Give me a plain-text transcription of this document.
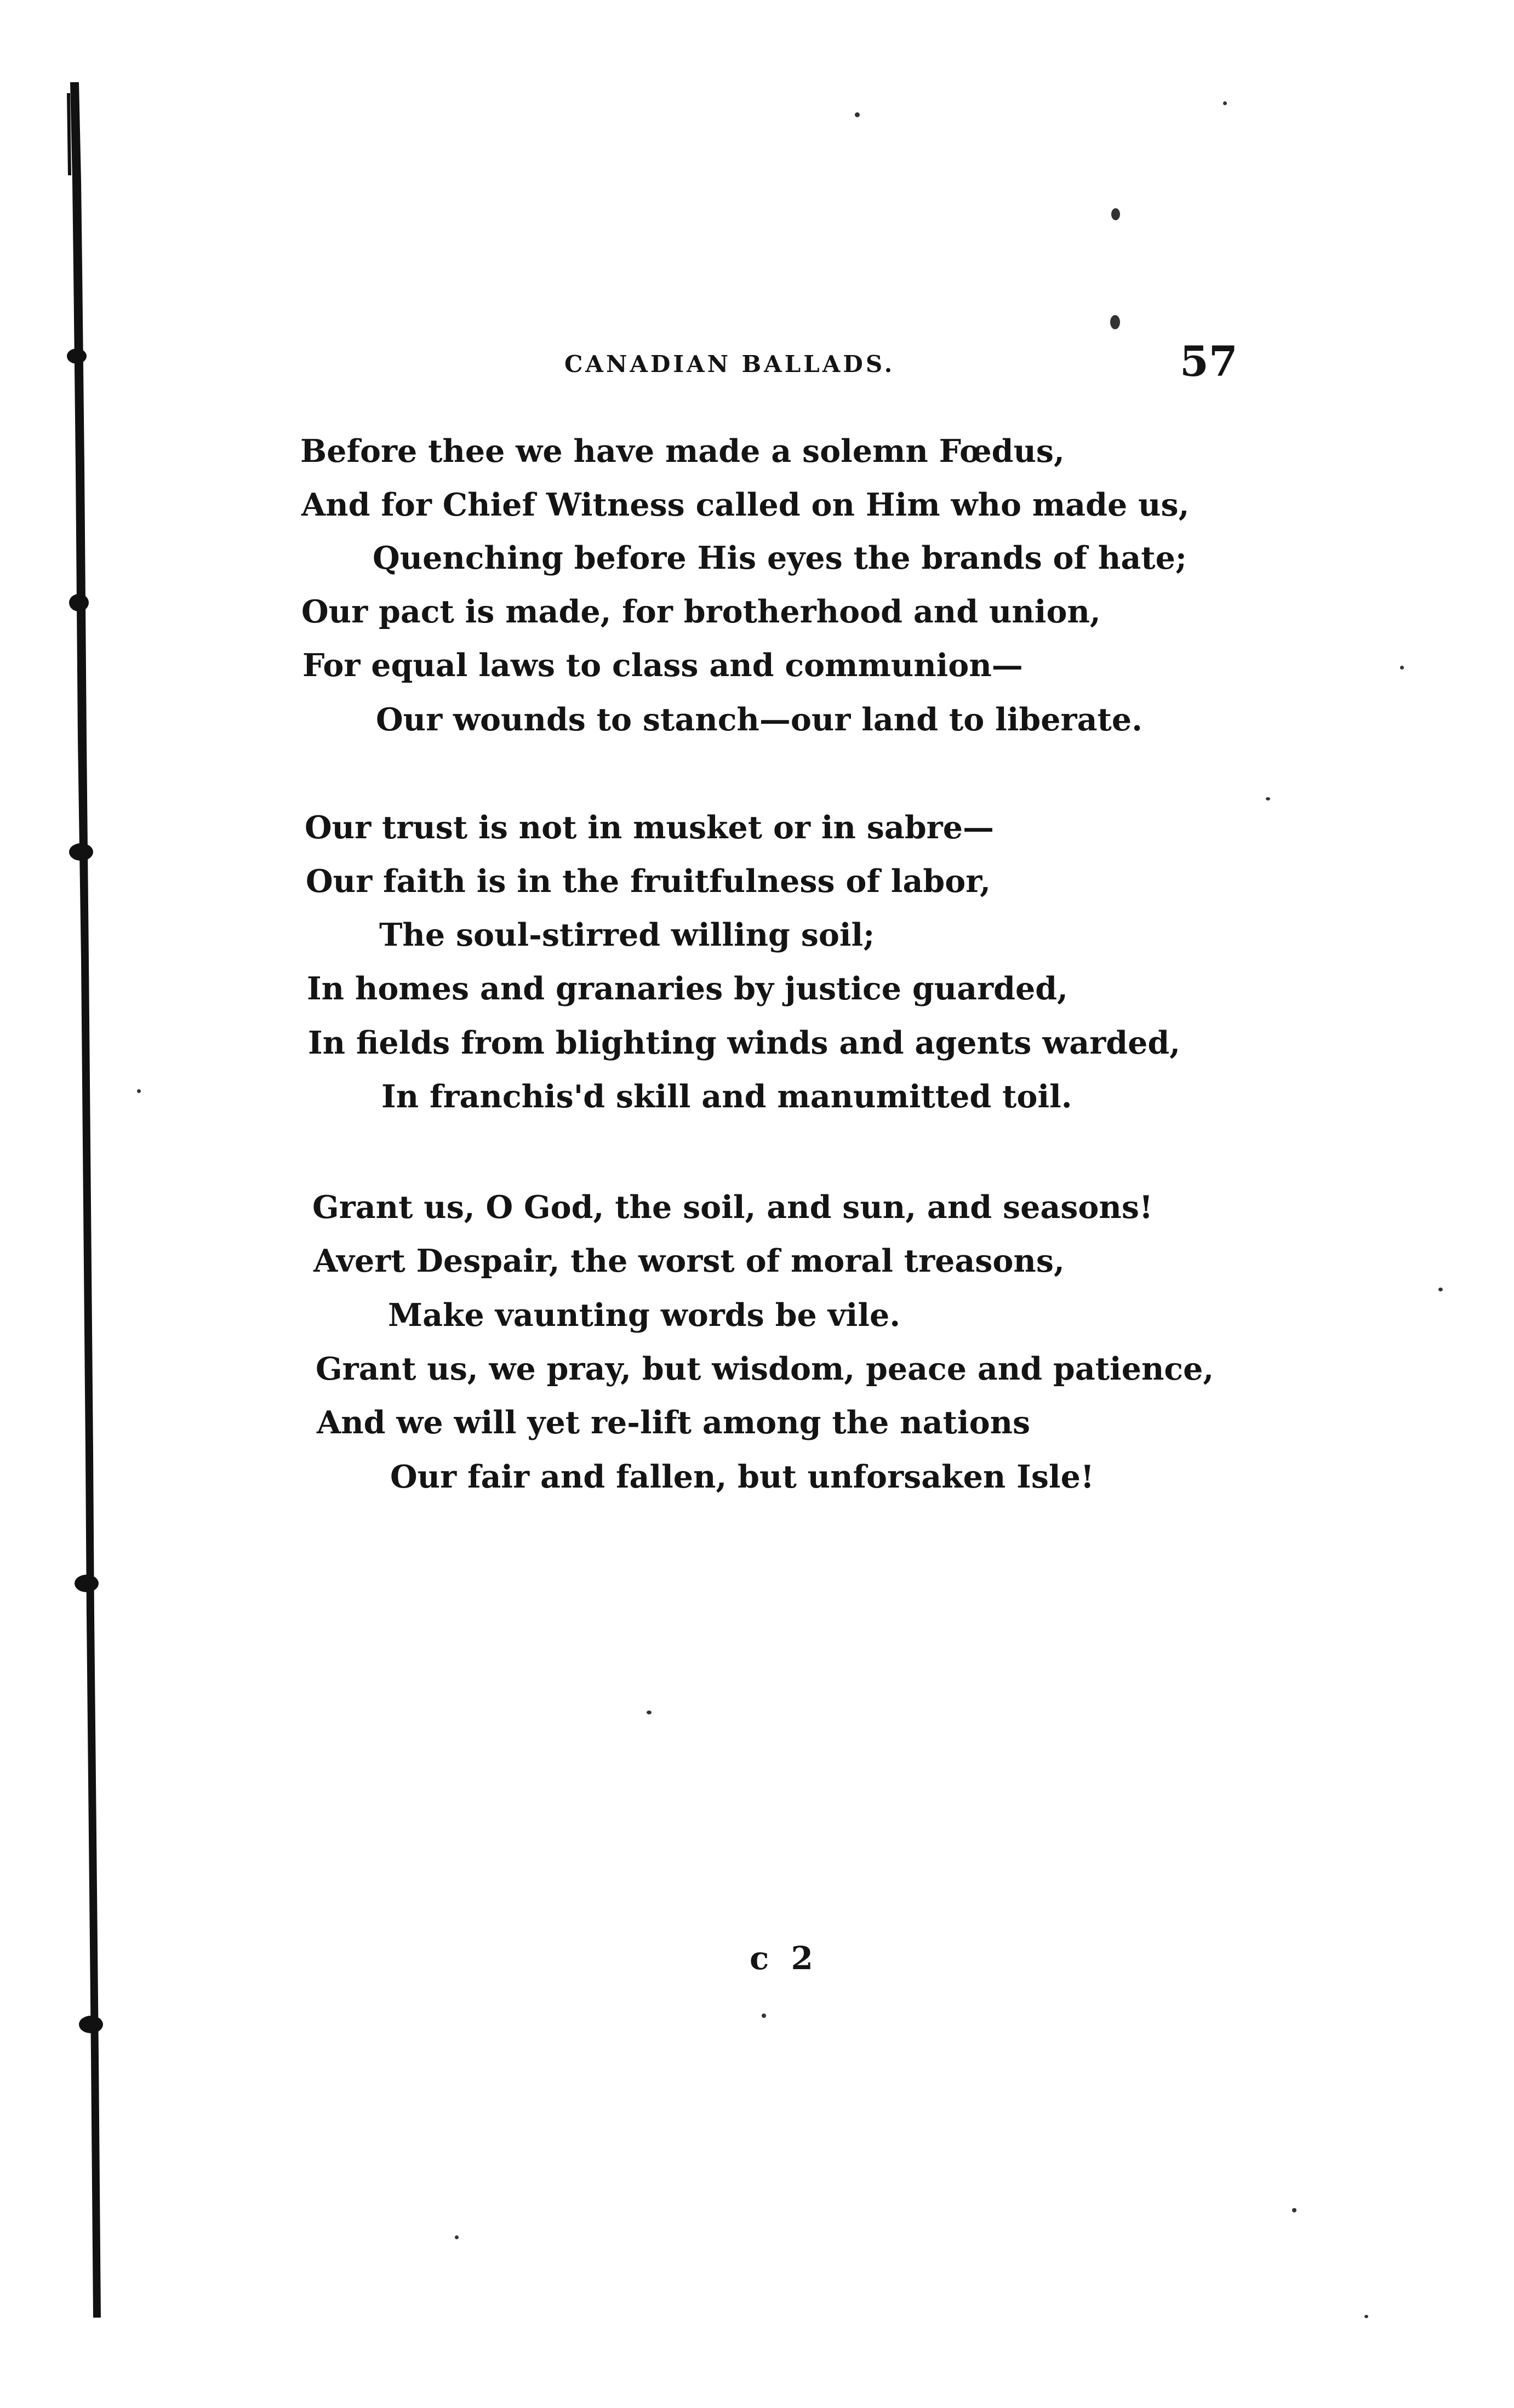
CANADIAN BALLADS.	57
Before thee we have made a solemn Fœdus,
And for Chief Witness called on Him who made us,
Quenching before His eyes the brands of hate;
Our pact is made, for brotherhood and union,
For equal laws to class and communion—
Our wounds to stanch—our land to liberate.
Our trust is not in musket or in sabre—
Our faith is in the fruitfulness of labor,
The soul-stirred willing soil;
In homes and granaries by justice guarded,
In fields from blighting winds and agents warded,
In franchis'd skill and manumitted toil.
Grant us, O God, the soil, and sun, and seasons!
Avert Despair, the worst of moral treasons,
Make vaunting words be vile.
Grant us, we pray, but wisdom, peace and patience,
And we will yet re-lift among the nations
Our fair and fallen, but unforsaken Isle!
c 2
